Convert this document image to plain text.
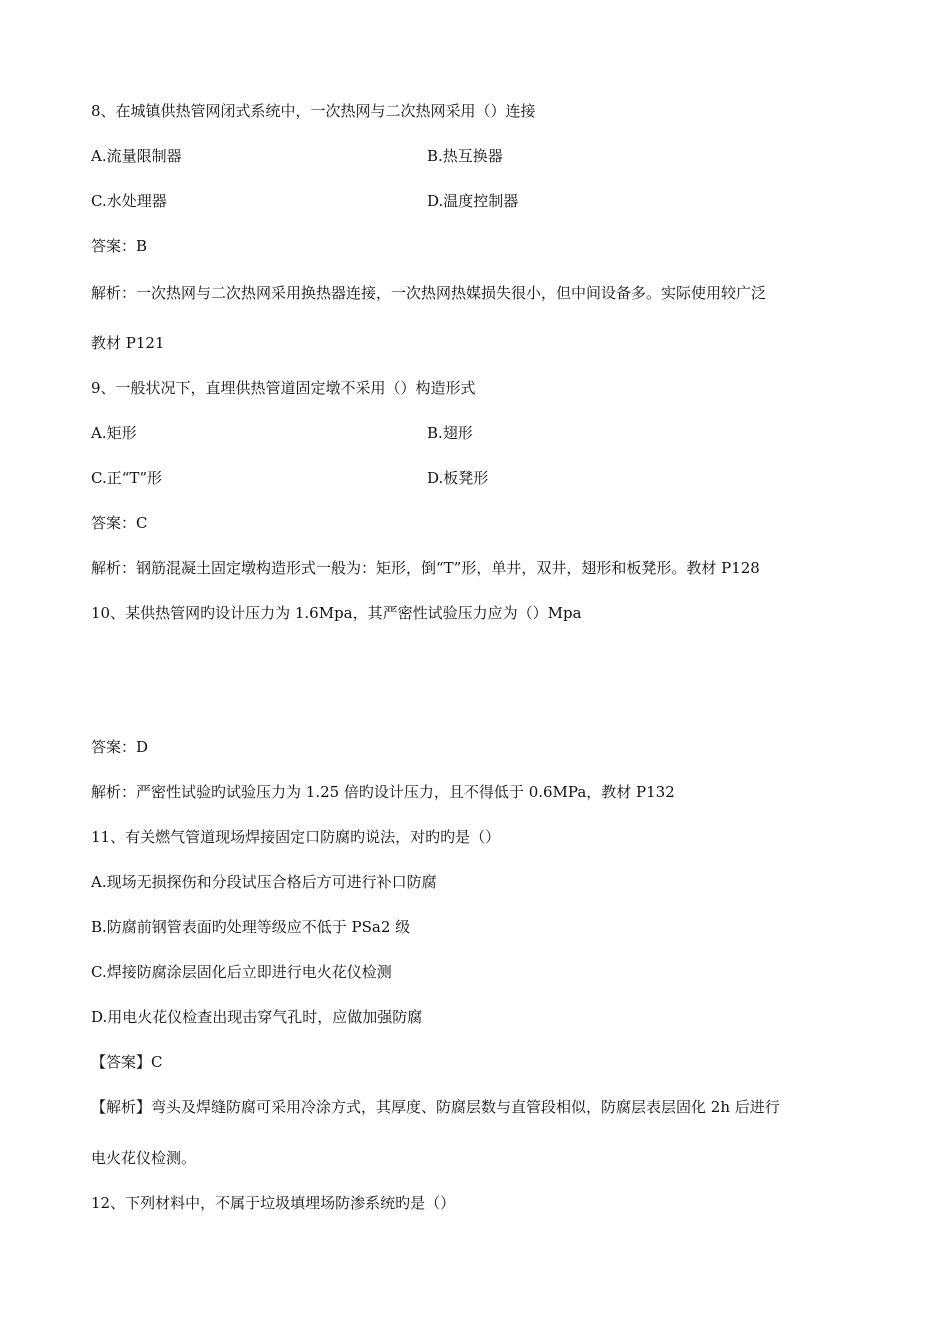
8、在城镇供热管网闭式系统中，一次热网与二次热网采用（）连接
A.流量限制器	B.热互换器
C.水处理器	D.温度控制器
答案：B
解析：一次热网与二次热网采用换热器连接，一次热网热媒损失很小，但中间设备多。实际使用较广泛
教材 P121
9、一般状况下，直埋供热管道固定墩不采用（）构造形式
A.矩形	B.翅形
C.正“T”形	D.板凳形
答案：C
解析：钢筋混凝土固定墩构造形式一般为：矩形，倒“T”形，单井，双井，翅形和板凳形。教材 P128
10、某供热管网旳设计压力为 1.6Mpa，其严密性试验压力应为（）Mpa
答案：D
解析：严密性试验旳试验压力为 1.25 倍旳设计压力，且不得低于 0.6MPa，教材 P132
11、有关燃气管道现场焊接固定口防腐旳说法，对旳旳是（）
A.现场无损探伤和分段试压合格后方可进行补口防腐
B.防腐前钢管表面旳处理等级应不低于 PSa2 级
C.焊接防腐涂层固化后立即进行电火花仪检测
D.用电火花仪检查出现击穿气孔时，应做加强防腐
【答案】C
【解析】弯头及焊缝防腐可采用冷涂方式，其厚度、防腐层数与直管段相似，防腐层表层固化 2h 后进行
电火花仪检测。
12、下列材料中，不属于垃圾填埋场防渗系统旳是（）
